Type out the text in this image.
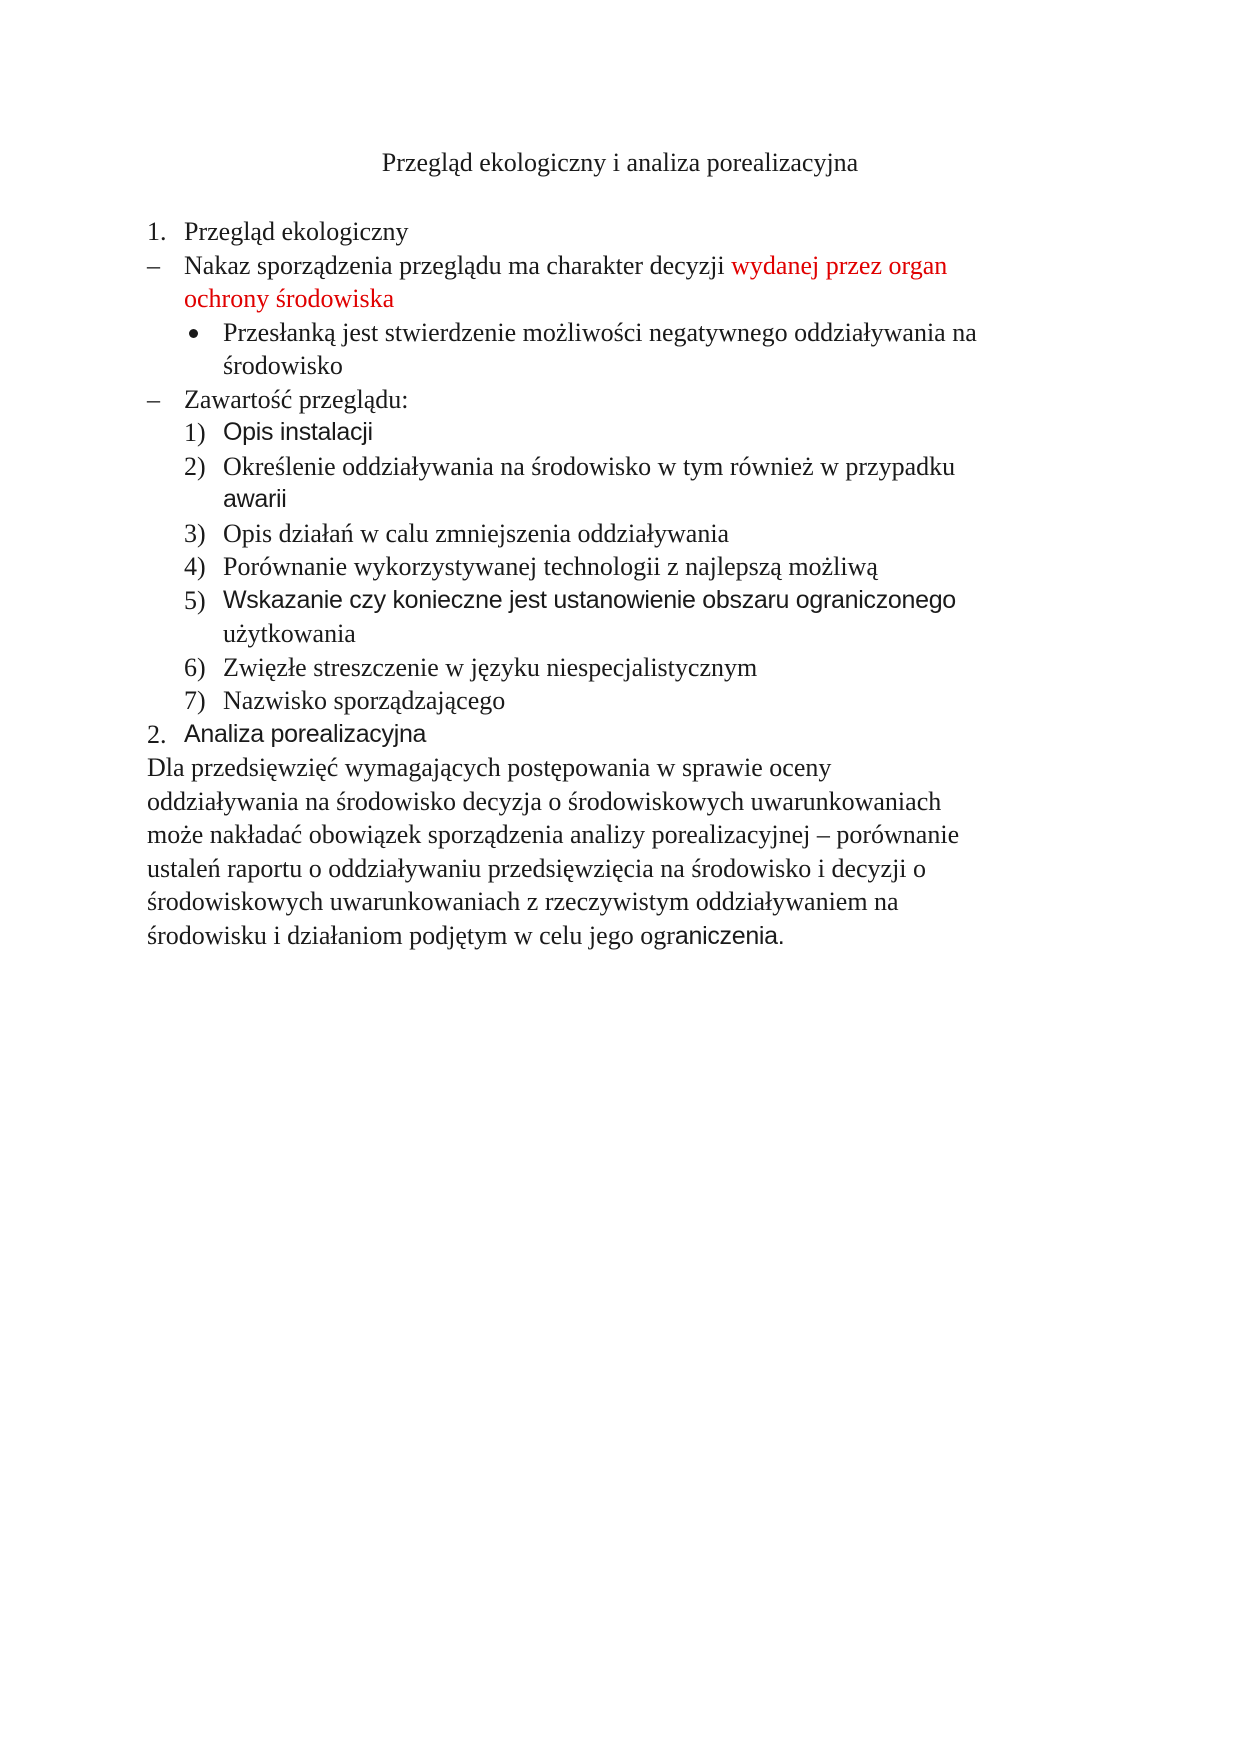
Przegląd ekologiczny i analiza porealizacyjna
1. Przegląd ekologiczny
– Nakaz sporządzenia przeglądu ma charakter decyzji wydanej przez organ
ochrony środowiska
Przesłanką jest stwierdzenie możliwości negatywnego oddziaływania na
środowisko
– Zawartość przeglądu:
1) Opis instalacji
2) Określenie oddziaływania na środowisko w tym również w przypadku
awarii
3) Opis działań w calu zmniejszenia oddziaływania
4) Porównanie wykorzystywanej technologii z najlepszą możliwą
5) Wskazanie czy konieczne jest ustanowienie obszaru ograniczonego
użytkowania
6) Zwięzłe streszczenie w języku niespecjalistycznym
7) Nazwisko sporządzającego
2. Analiza porealizacyjna
Dla przedsięwzięć wymagających postępowania w sprawie oceny
oddziaływania na środowisko decyzja o środowiskowych uwarunkowaniach
może nakładać obowiązek sporządzenia analizy porealizacyjnej – porównanie
ustaleń raportu o oddziaływaniu przedsięwzięcia na środowisko i decyzji o
środowiskowych uwarunkowaniach z rzeczywistym oddziaływaniem na
środowisku i działaniom podjętym w celu jego ograniczenia.
